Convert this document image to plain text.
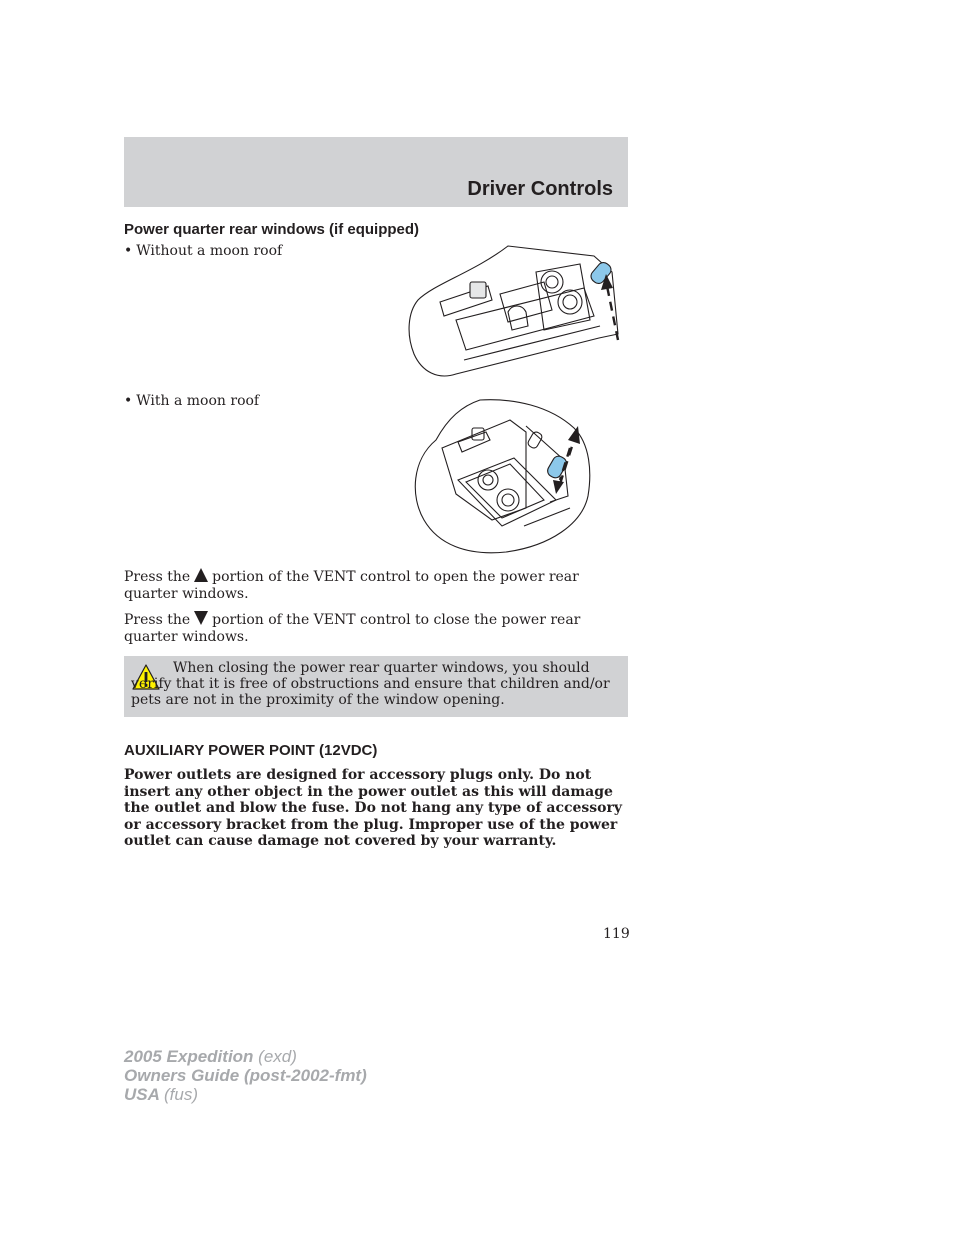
Driver Controls
Power quarter rear windows (if equipped)
• Without a moon roof
• With a moon roof
Press the portion of the VENT control to open the power rear
quarter windows.
Press the portion of the VENT control to close the power rear
quarter windows.
When closing the power rear quarter windows, you should verify that it is free of obstructions and ensure that children and/or pets are not in the proximity of the window opening.
AUXILIARY POWER POINT (12VDC)
Power outlets are designed for accessory plugs only. Do not insert any other object in the power outlet as this will damage the outlet and blow the fuse. Do not hang any type of accessory or accessory bracket from the plug. Improper use of the power outlet can cause damage not covered by your warranty.
119
2005 Expedition (exd)
Owners Guide (post-2002-fmt)
USA (fus)
